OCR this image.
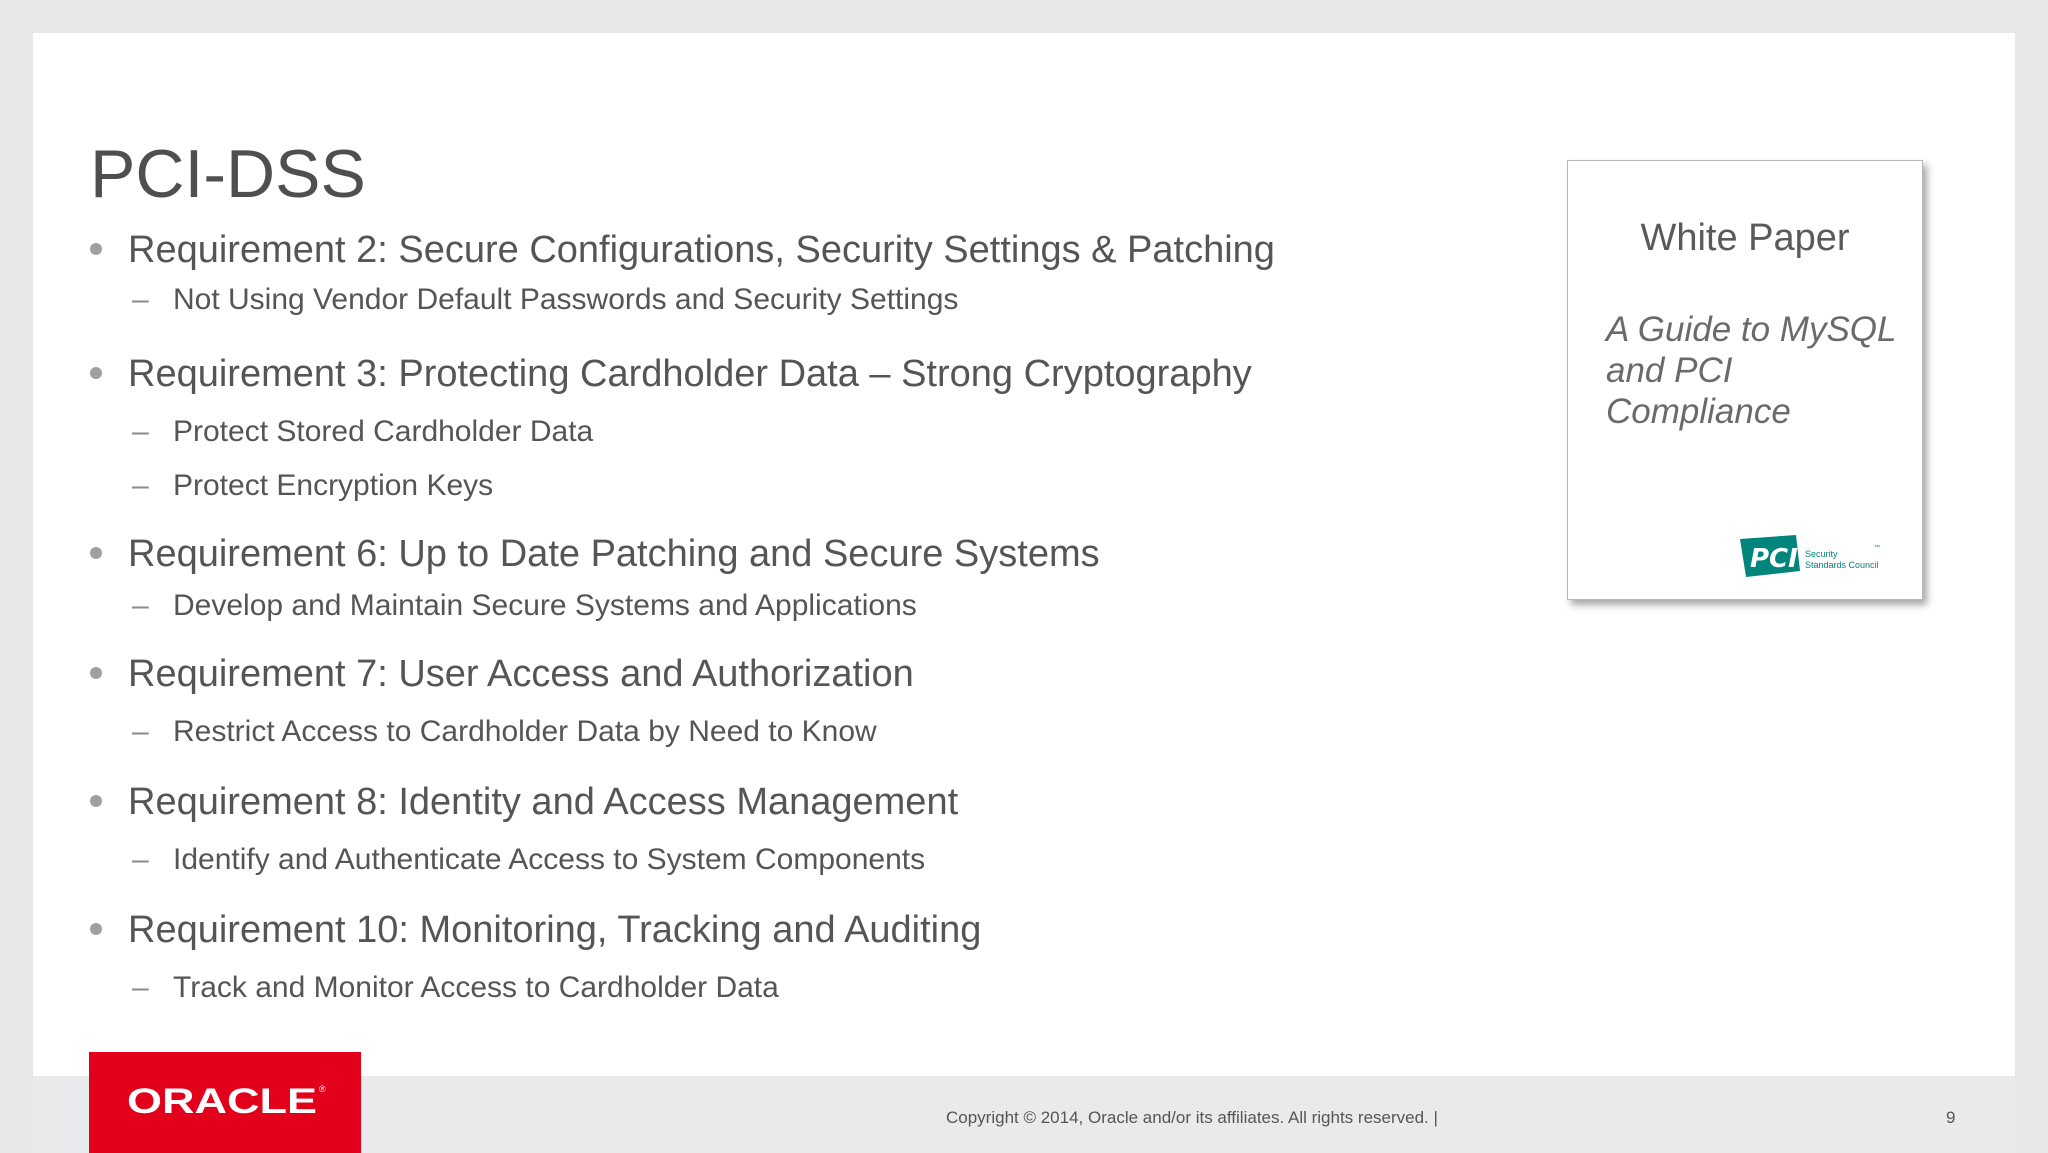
PCI-DSS
Requirement 2: Secure Configurations, Security Settings & Patching
– Not Using Vendor Default Passwords and Security Settings
Requirement 3: Protecting Cardholder Data – Strong Cryptography
– Protect Stored Cardholder Data
– Protect Encryption Keys
Requirement 6: Up to Date Patching and Secure Systems
– Develop and Maintain Secure Systems and Applications
Requirement 7: User Access and Authorization
– Restrict Access to Cardholder Data by Need to Know
Requirement 8: Identity and Access Management
– Identify and Authenticate Access to System Components
Requirement 10: Monitoring, Tracking and Auditing
– Track and Monitor Access to Cardholder Data
White Paper
A Guide to MySQL
and PCI Compliance
PCI Security
Standards Council
™
ORACLE ®
Copyright © 2014, Oracle and/or its affiliates. All rights reserved. |	9
